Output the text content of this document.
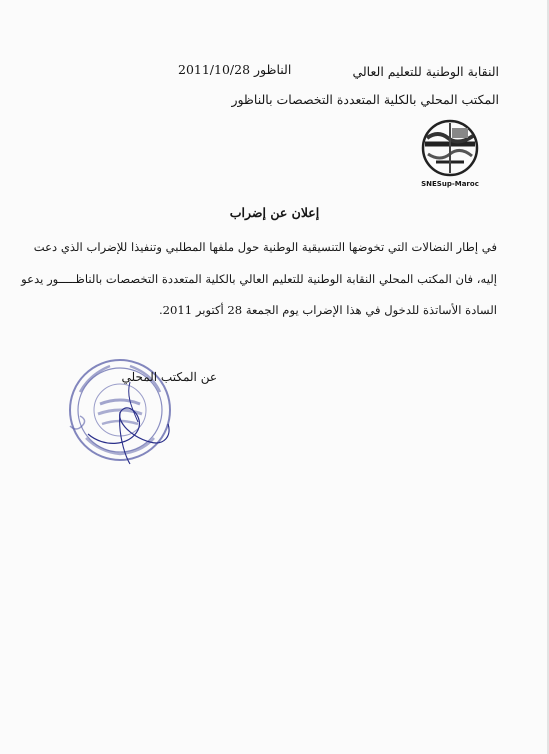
النقابة الوطنية للتعليم العالي
الناظور 2011/10/28
المكتب المحلي بالكلية المتعددة التخصصات بالناظور
SNESup-Maroc
إعلان عن إضراب
في إطار النضالات التي تخوضها التنسيقية الوطنية حول ملفها المطلبي وتنفيذا للإضراب الذي دعت
إليه، فان المكتب المحلي النقابة الوطنية للتعليم العالي بالكلية المتعددة التخصصات بالناظـــــور يدعو
السادة الأساتذة للدخول في هذا الإضراب يوم الجمعة 28 أكتوبر 2011.
عن المكتب المحلي
